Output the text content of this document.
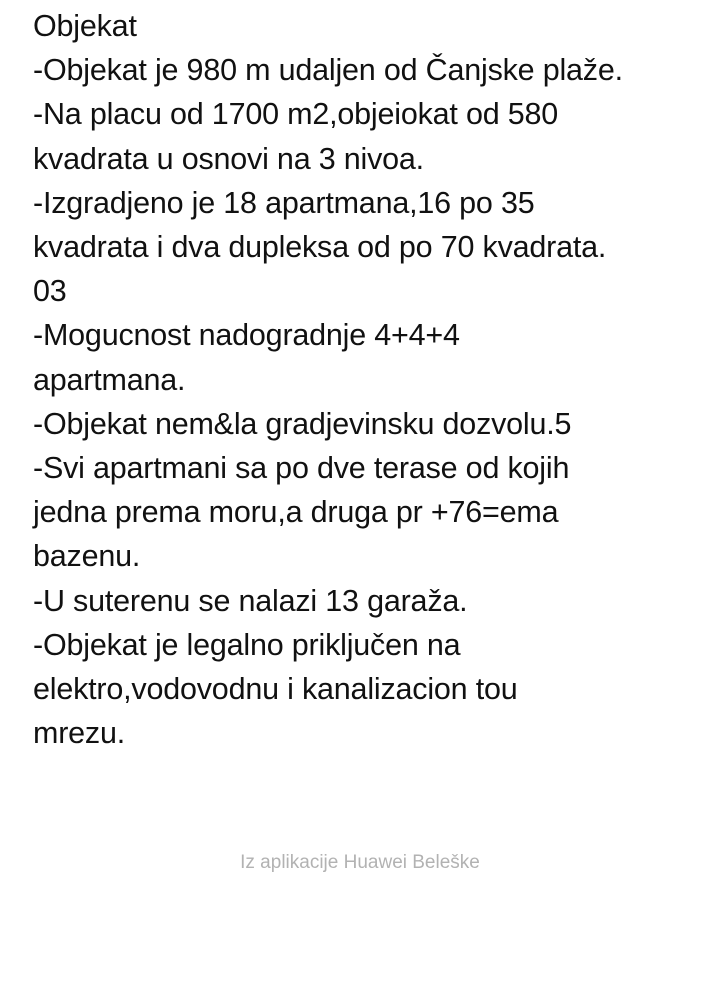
Objekat
-Objekat je 980 m udaljen od Čanjske plaže.
-Na placu od 1700 m2,objeiokat od 580
kvadrata u osnovi na 3 nivoa.
-Izgradjeno je 18 apartmana,16 po 35
kvadrata i dva dupleksa od po 70 kvadrata.
03
-Mogucnost nadogradnje 4+4+4
apartmana.
-Objekat nem&la gradjevinsku dozvolu.5
-Svi apartmani sa po dve terase od kojih
jedna prema moru,a druga pr +76=ema
bazenu.
-U suterenu se nalazi 13 garaža.
-Objekat je legalno priključen na
elektro,vodovodnu i kanalizacion tou
mrezu.
Iz aplikacije Huawei Beleške
